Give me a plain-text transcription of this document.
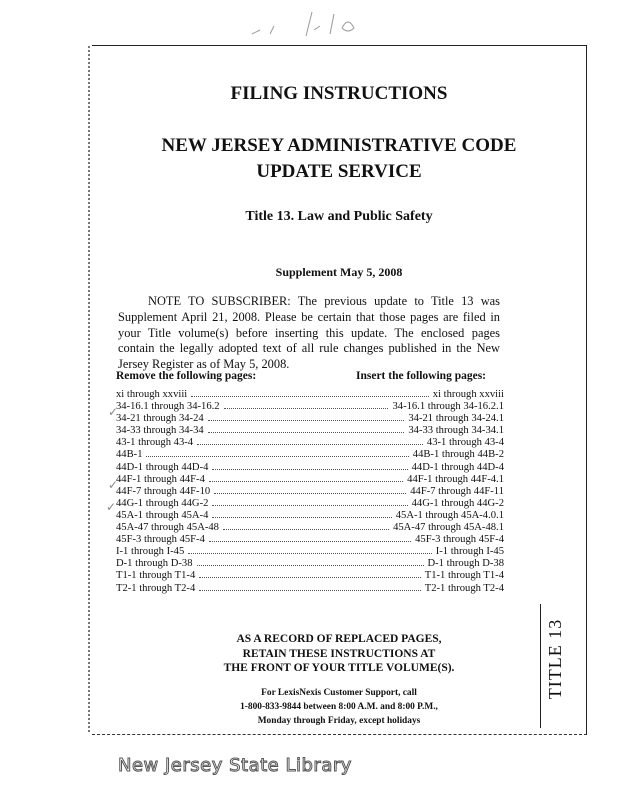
FILING INSTRUCTIONS
NEW JERSEY ADMINISTRATIVE CODE
UPDATE SERVICE
Title 13. Law and Public Safety
Supplement May 5, 2008
NOTE TO SUBSCRIBER: The previous update to Title 13 was Supplement April 21, 2008. Please be certain that those pages are filed in your Title volume(s) before inserting this update. The enclosed pages contain the legally adopted text of all rule changes published in the New Jersey Register as of May 5, 2008.
Remove the following pages:	Insert the following pages:
xi through xxviii	xi through xxviii
34-16.1 through 34-16.2	34-16.1 through 34-16.2.1
34-21 through 34-24	34-21 through 34-24.1
34-33 through 34-34	34-33 through 34-34.1
43-1 through 43-4	43-1 through 43-4
44B-1	44B-1 through 44B-2
44D-1 through 44D-4	44D-1 through 44D-4
44F-1 through 44F-4	44F-1 through 44F-4.1
44F-7 through 44F-10	44F-7 through 44F-11
44G-1 through 44G-2	44G-1 through 44G-2
45A-1 through 45A-4	45A-1 through 45A-4.0.1
45A-47 through 45A-48	45A-47 through 45A-48.1
45F-3 through 45F-4	45F-3 through 45F-4
I-1 through I-45	I-1 through I-45
D-1 through D-38	D-1 through D-38
T1-1 through T1-4	T1-1 through T1-4
T2-1 through T2-4	T2-1 through T2-4
AS A RECORD OF REPLACED PAGES,
RETAIN THESE INSTRUCTIONS AT
THE FRONT OF YOUR TITLE VOLUME(S).
For LexisNexis Customer Support, call
1-800-833-9844 between 8:00 A.M. and 8:00 P.M.,
Monday through Friday, except holidays
✓
✓
✓
TITLE 13
New Jersey State Library
